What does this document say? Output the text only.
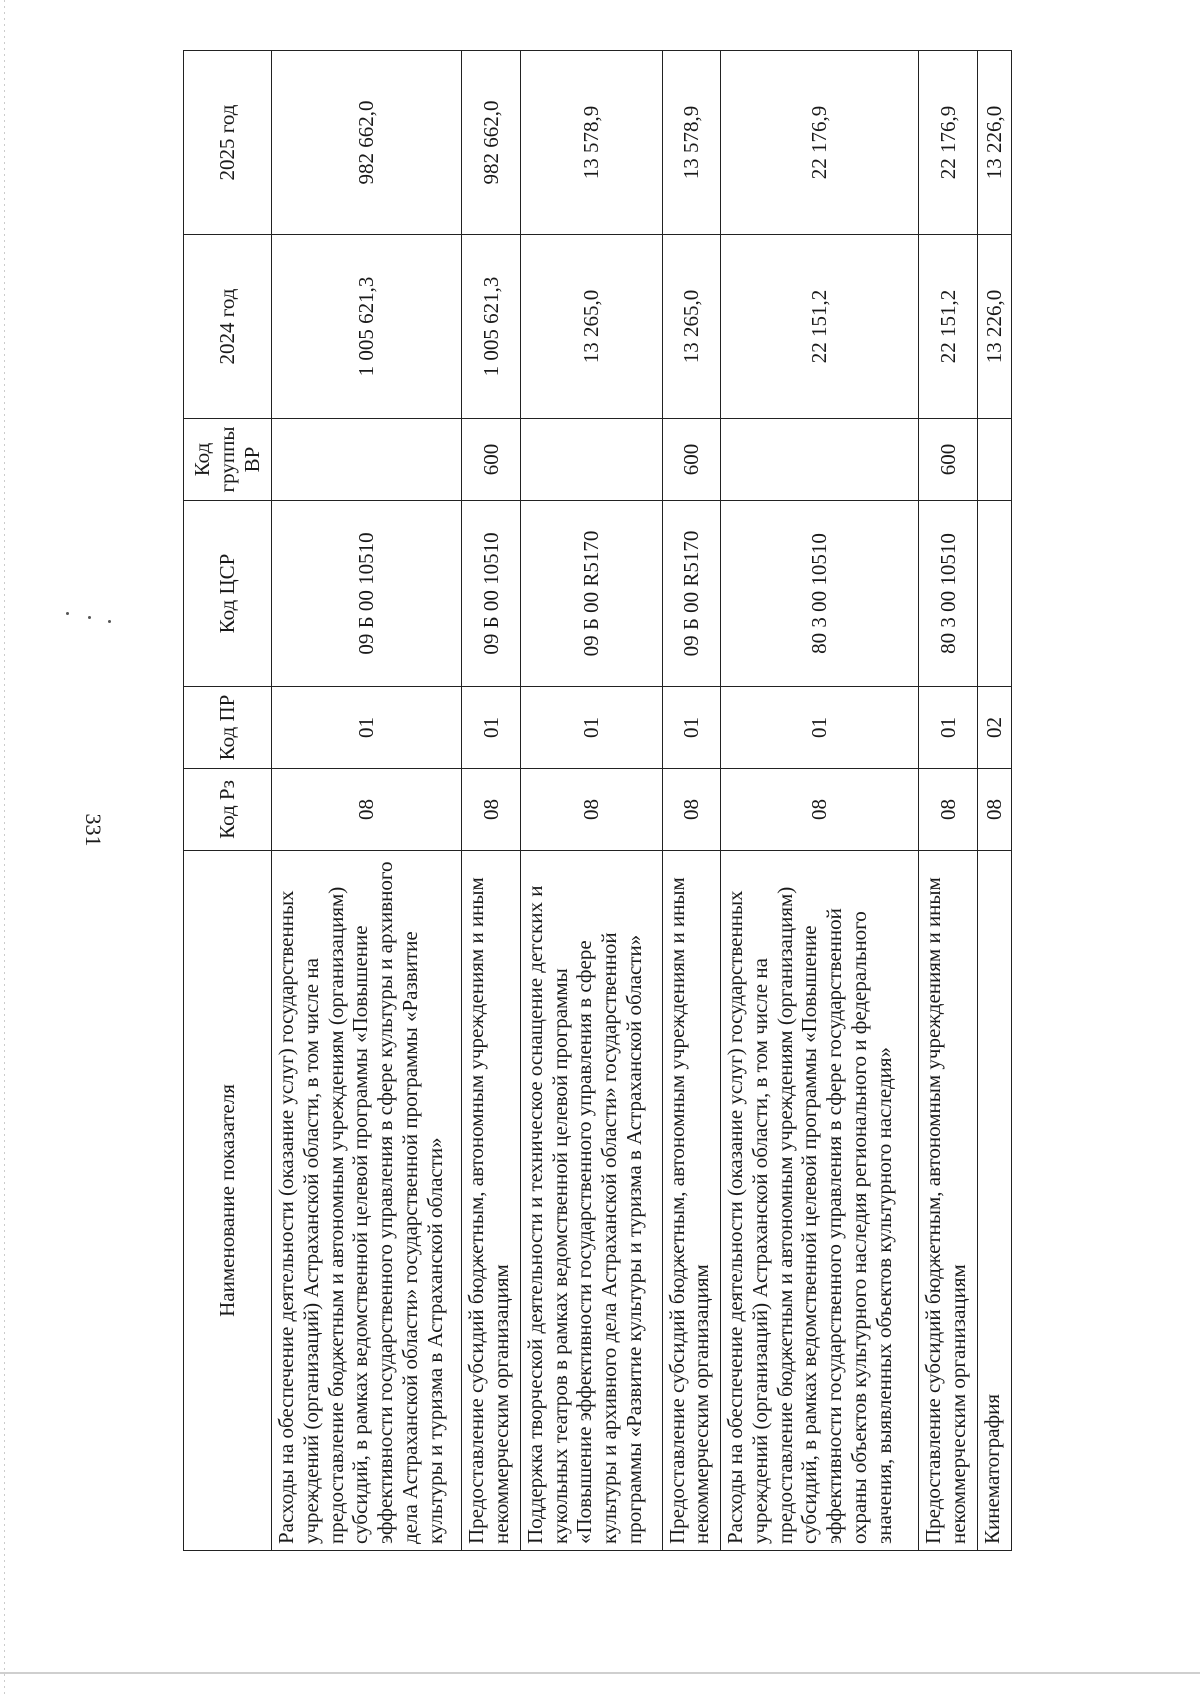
331
Наименование показателя	Код Рз	Код ПР	Код ЦСР	Код группы ВР	2024 год	2025 год
Расходы на обеспечение деятельности (оказание услуг) государственных учреждений (организаций) Астраханской области, в том числе на предоставление бюджетным и автономным учреждениям (организациям) субсидий, в рамках ведомственной целевой программы «Повышение эффективности государственного управления в сфере культуры и архивного дела Астраханской области» государственной программы «Развитие культуры и туризма в Астраханской области»	08	01	09 Б 00 10510		1 005 621,3	982 662,0
Предоставление субсидий бюджетным, автономным учреждениям и иным некоммерческим организациям	08	01	09 Б 00 10510	600	1 005 621,3	982 662,0
Поддержка творческой деятельности и техническое оснащение детских и кукольных театров в рамках ведомственной целевой программы «Повышение эффективности государственного управления в сфере культуры и архивного дела Астраханской области» государственной программы «Развитие культуры и туризма в Астраханской области»	08	01	09 Б 00 R5170		13 265,0	13 578,9
Предоставление субсидий бюджетным, автономным учреждениям и иным некоммерческим организациям	08	01	09 Б 00 R5170	600	13 265,0	13 578,9
Расходы на обеспечение деятельности (оказание услуг) государственных учреждений (организаций) Астраханской области, в том числе на предоставление бюджетным и автономным учреждениям (организациям) субсидий, в рамках ведомственной целевой программы «Повышение эффективности государственного управления в сфере государственной охраны объектов культурного наследия регионального и федерального значения, выявленных объектов культурного наследия»	08	01	80 3 00 10510		22 151,2	22 176,9
Предоставление субсидий бюджетным, автономным учреждениям и иным некоммерческим организациям	08	01	80 3 00 10510	600	22 151,2	22 176,9
Кинематография	08	02			13 226,0	13 226,0
